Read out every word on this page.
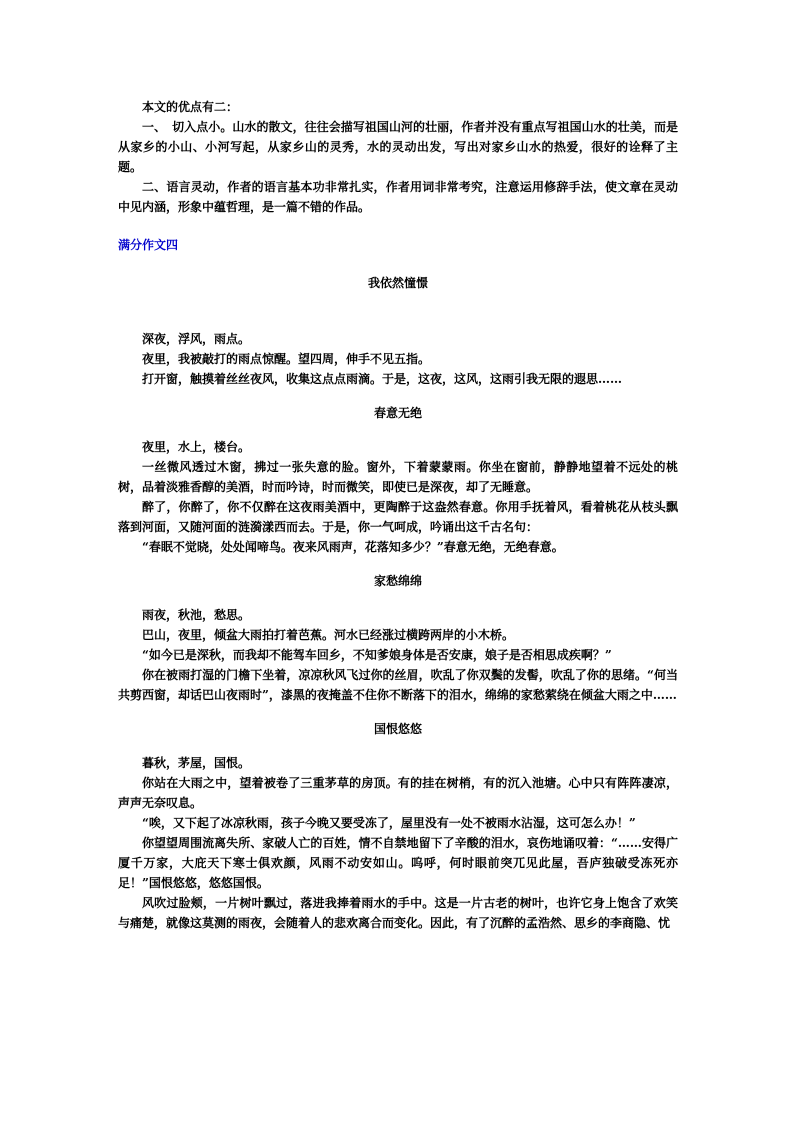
本文的优点有二：

一、　切入点小。山水的散文，往往会描写祖国山河的壮丽，作者并没有重点写祖国山水的壮美，而是从家乡的小山、小河写起，从家乡山的灵秀，水的灵动出发，写出对家乡山水的热爱，很好的诠释了主题。

二、语言灵动，作者的语言基本功非常扎实，作者用词非常考究，注意运用修辞手法，使文章在灵动中见内涵，形象中蕴哲理，是一篇不错的作品。

满分作文四

我依然憧憬

深夜，浮风，雨点。

夜里，我被敲打的雨点惊醒。望四周，伸手不见五指。

打开窗，触摸着丝丝夜风，收集这点点雨滴。于是，这夜，这风，这雨引我无限的遐思……

春意无绝

夜里，水上，楼台。

一丝微风透过木窗，拂过一张失意的脸。窗外，下着蒙蒙雨。你坐在窗前，静静地望着不远处的桃树，品着淡雅香醇的美酒，时而吟诗，时而微笑，即使已是深夜，却了无睡意。

醉了，你醉了，你不仅醉在这夜雨美酒中，更陶醉于这盎然春意。你用手抚着风，看着桃花从枝头飘落到河面，又随河面的涟漪漾西而去。于是，你一气呵成，吟诵出这千古名句：

“春眠不觉晓，处处闻啼鸟。夜来风雨声，花落知多少？”春意无绝，无绝春意。

家愁绵绵

雨夜，秋池，愁思。

巴山，夜里，倾盆大雨拍打着芭蕉。河水已经涨过横跨两岸的小木桥。

“如今已是深秋，而我却不能驾车回乡，不知爹娘身体是否安康，娘子是否相思成疾啊？”

你在被雨打湿的门檐下坐着，凉凉秋风飞过你的丝眉，吹乱了你双鬓的发髻，吹乱了你的思绪。“何当共剪西窗，却话巴山夜雨时”，漆黑的夜掩盖不住你不断落下的泪水，绵绵的家愁萦绕在倾盆大雨之中……

国恨悠悠

暮秋，茅屋，国恨。

你站在大雨之中，望着被卷了三重茅草的房顶。有的挂在树梢，有的沉入池塘。心中只有阵阵凄凉，声声无奈叹息。

“唉，又下起了冰凉秋雨，孩子今晚又要受冻了，屋里没有一处不被雨水沾湿，这可怎么办！”

你望望周围流离失所、家破人亡的百姓，情不自禁地留下了辛酸的泪水，哀伤地诵叹着：“……安得广厦千万家，大庇天下寒士俱欢颜，风雨不动安如山。呜呼，何时眼前突兀见此屋，吾庐独破受冻死亦足！”国恨悠悠，悠悠国恨。

风吹过脸颊，一片树叶飘过，落进我捧着雨水的手中。这是一片古老的树叶，也许它身上饱含了欢笑与痛楚，就像这莫测的雨夜，会随着人的悲欢离合而变化。因此，有了沉醉的孟浩然、思乡的李商隐、忧
